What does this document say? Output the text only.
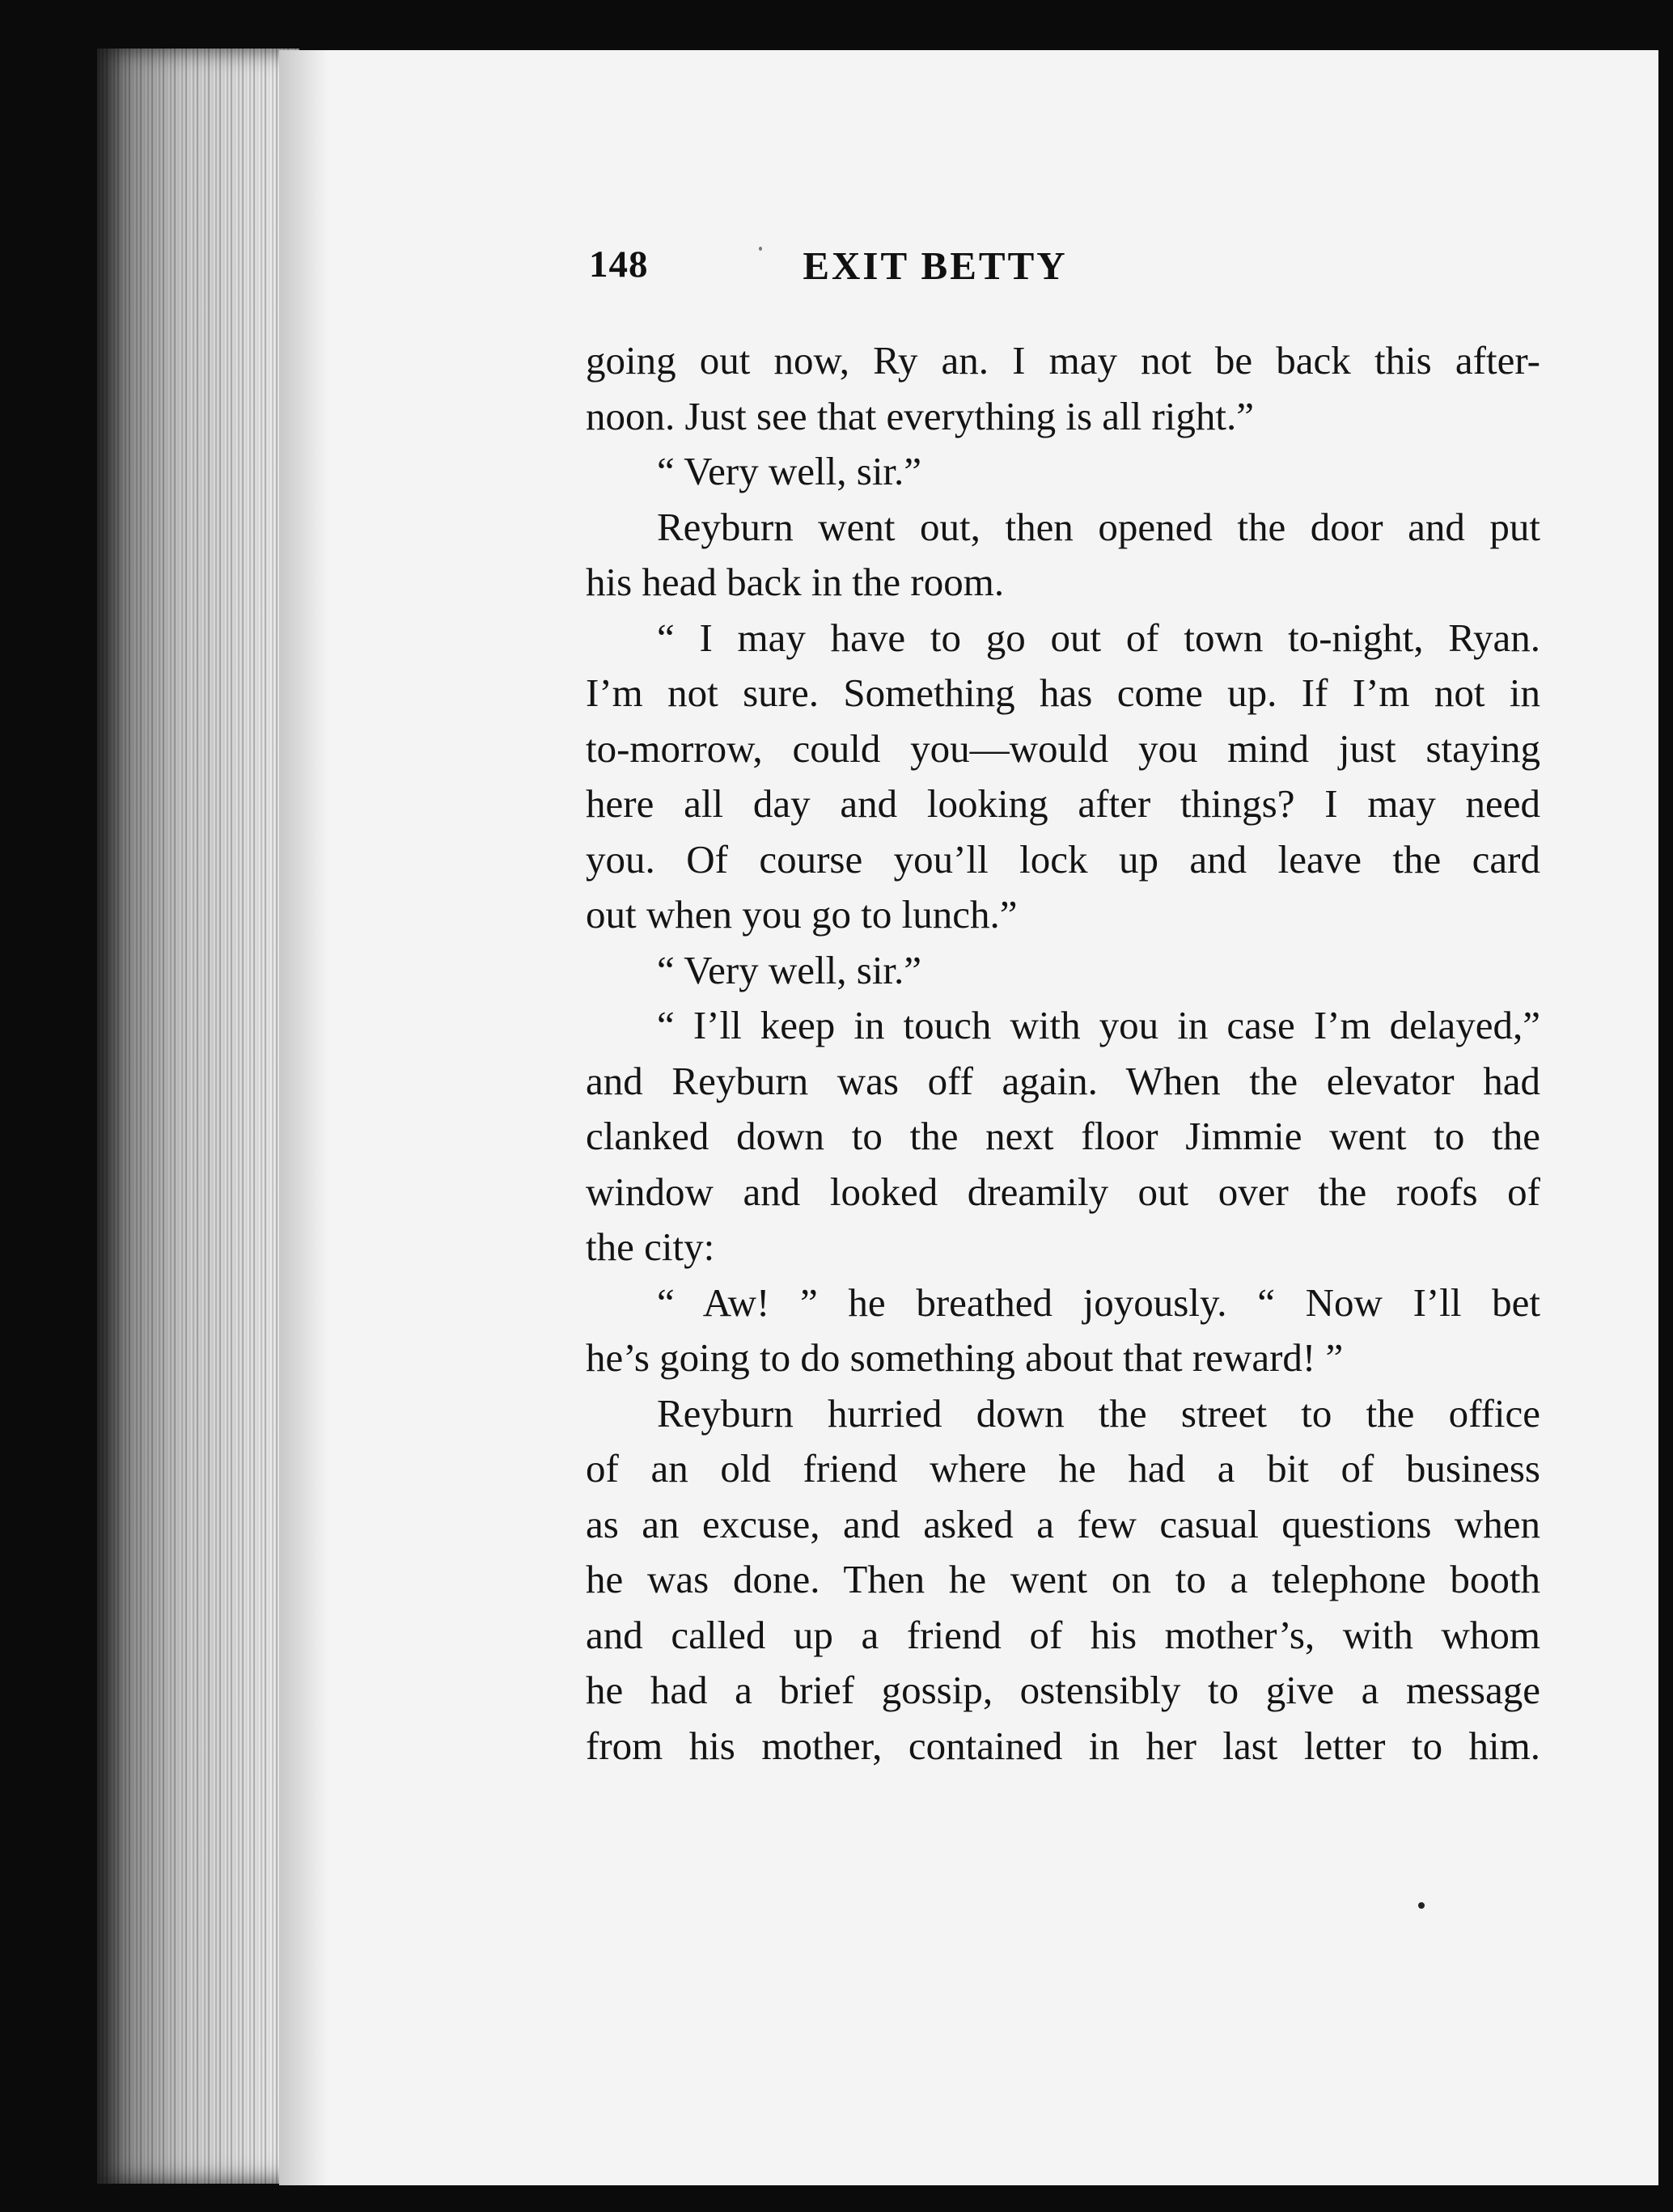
148	EXIT BETTY
going out now, Ry an. I may not be back this after-
noon. Just see that everything is all right.”
“ Very well, sir.”
Reyburn went out, then opened the door and put
his head back in the room.
“ I may have to go out of town to-night, Ryan.
I’m not sure. Something has come up. If I’m not in
to-morrow, could you—would you mind just staying
here all day and looking after things? I may need
you. Of course you’ll lock up and leave the card
out when you go to lunch.”
“ Very well, sir.”
“ I’ll keep in touch with you in case I’m delayed,”
and Reyburn was off again. When the elevator had
clanked down to the next floor Jimmie went to the
window and looked dreamily out over the roofs of
the city:
“ Aw! ” he breathed joyously. “ Now I’ll bet
he’s going to do something about that reward! ”
Reyburn hurried down the street to the office
of an old friend where he had a bit of business
as an excuse, and asked a few casual questions when
he was done. Then he went on to a telephone booth
and called up a friend of his mother’s, with whom
he had a brief gossip, ostensibly to give a message
from his mother, contained in her last letter to him.
